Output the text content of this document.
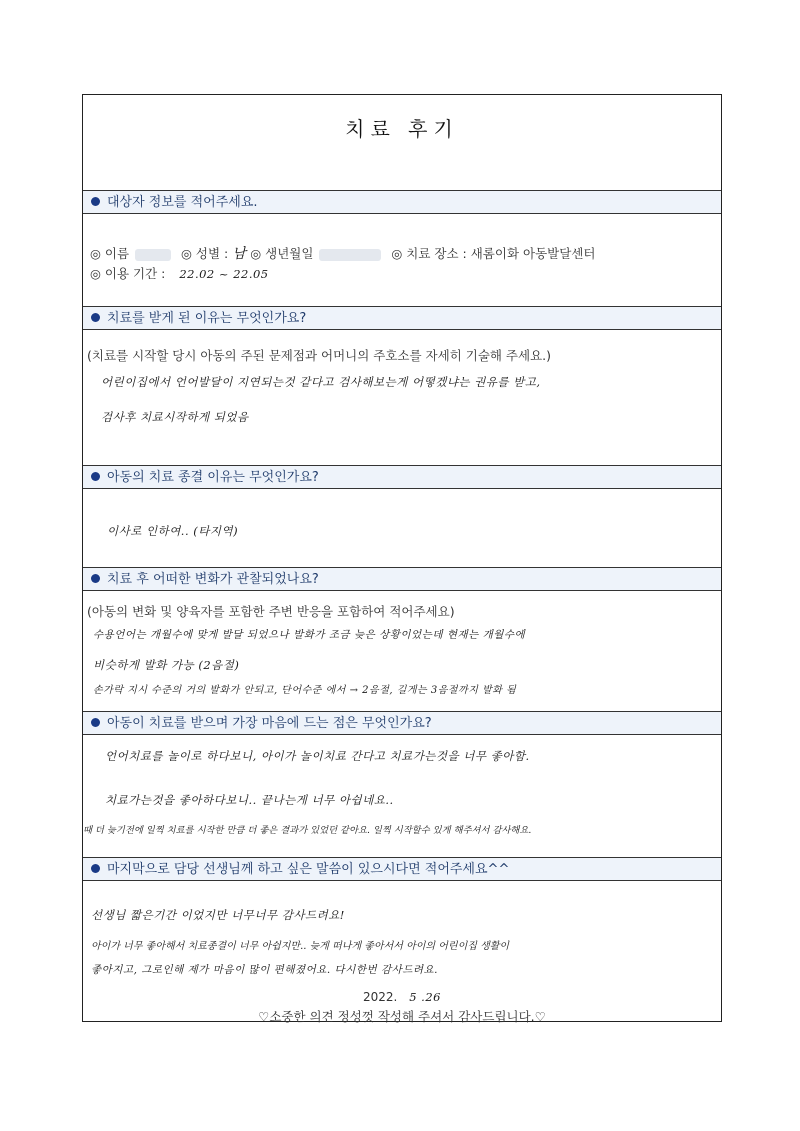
치료 후기
대상자 정보를 적어주세요.
◎ 이름	◎ 성별 : 남 ◎ 생년월일	◎ 치료 장소 : 새롬이화 아동발달센터
◎ 이용 기간 : 22.02 ~ 22.05
치료를 받게 된 이유는 무엇인가요?
(치료를 시작할 당시 아동의 주된 문제점과 어머니의 주호소를 자세히 기술해 주세요.)
어린이집에서 언어발달이 지연되는것 같다고 검사해보는게 어떻겠냐는 권유를 받고,
검사후 치료시작하게 되었음
아동의 치료 종결 이유는 무엇인가요?
이사로 인하여.. (타지역)
치료 후 어떠한 변화가 관찰되었나요?
(아동의 변화 및 양육자를 포함한 주변 반응을 포함하여 적어주세요)
수용언어는 개월수에 맞게 발달 되었으나 발화가 조금 늦은 상황이었는데 현재는 개월수에
비슷하게 발화 가능 (2음절)
손가락 지시 수준의 거의 발화가 안되고, 단어수준 에서 → 2음절, 길게는 3음절까지 발화 됨
아동이 치료를 받으며 가장 마음에 드는 점은 무엇인가요?
언어치료를 놀이로 하다보니, 아이가 놀이치료 간다고 치료가는것을 너무 좋아함.
치료가는것을 좋아하다보니.. 끝나는게 너무 아쉽네요..
때 더 늦기전에 일찍 치료를 시작한 만큼 더 좋은 결과가 있었던 같아요. 일찍 시작할수 있게 해주셔서 감사해요.
마지막으로 담당 선생님께 하고 싶은 말씀이 있으시다면 적어주세요^^
선생님 짧은기간 이었지만 너무너무 감사드려요!
아이가 너무 좋아해서 치료종결이 너무 아쉽지만.. 늦게 떠나게 좋아서서 아이의 어린이집 생활이
좋아지고, 그로인해 제가 마음이 많이 편해졌어요. 다시한번 감사드려요.
2022. 5 .26
♡소중한 의견 정성껏 작성해 주셔서 감사드립니다.♡
